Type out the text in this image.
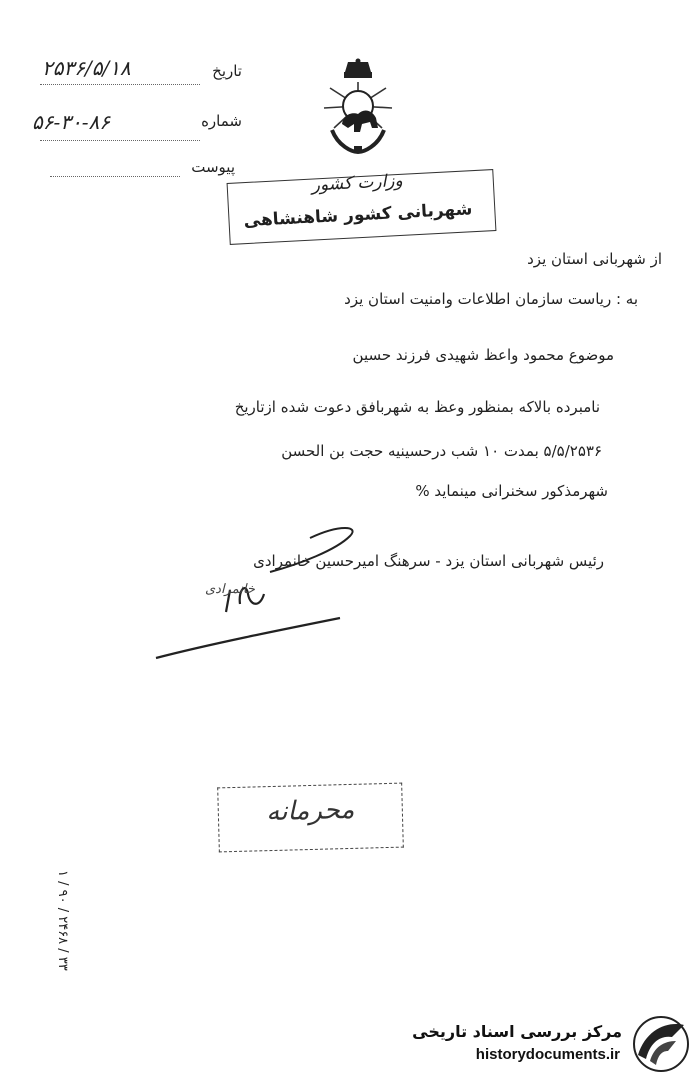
تاریخ
۲۵۳۶/۵/۱۸
شماره
۵۶-۳۰-۸۶
پیوست
وزارت کشور
شهربانی کشور شاهنشاهی
از شهربانی استان یزد
به : ریاست سازمان اطلاعات وامنیت استان یزد
موضوع محمود واعظ شهیدی فرزند حسین
نامبرده بالاکه بمنظور وعظ به شهربافق دعوت شده ازتاریخ
۵/۵/۲۵۳۶ بمدت ۱۰ شب درحسینیه حجت بن الحسن
شهرمذکور سخنرانی مینماید %
رئیس شهربانی استان یزد - سرهنگ امیرحسین خانمرادی
خانمرادی
محرمانه
۱ / ۹۰ / ۲۴۶۸ / ۳۳
مرکز بررسی اسناد تاریخی
historydocuments.ir
